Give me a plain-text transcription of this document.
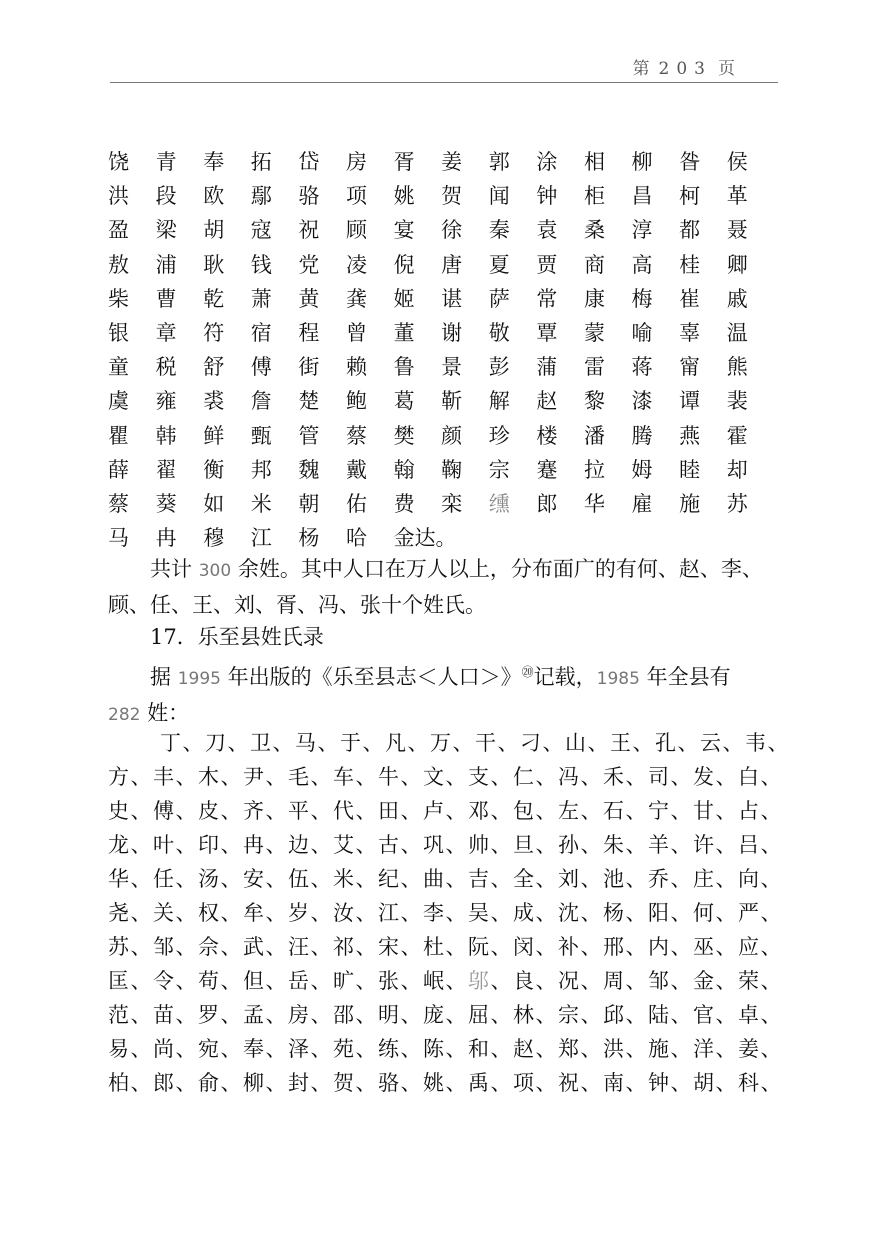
第 203 页
饶	青	奉	拓	岱	房	胥	姜	郭	涂	相	柳	昝	侯
洪	段	欧	鄢	骆	项	姚	贺	闻	钟	柜	昌	柯	革
盈	梁	胡	寇	祝	顾	宴	徐	秦	袁	桑	淳	都	聂
敖	浦	耿	钱	党	凌	倪	唐	夏	贾	商	高	桂	卿
柴	曹	乾	萧	黄	龚	姬	谌	萨	常	康	梅	崔	戚
银	章	符	宿	程	曾	董	谢	敬	覃	蒙	喻	辜	温
童	税	舒	傅	街	赖	鲁	景	彭	蒲	雷	蒋	甯	熊
虞	雍	裘	詹	楚	鲍	葛	靳	解	赵	黎	漆	谭	裴
瞿	韩	鲜	甄	管	蔡	樊	颜	珍	楼	潘	腾	燕	霍
薛	翟	衡	邦	魏	戴	翰	鞠	宗	蹇	拉	姆	睦	却
蔡	葵	如	米	朝	佑	费	栾	𫄸	郎	华	雇	施	苏
马	冉	穆	江	杨	哈	金达。
共计 300 余姓。其中人口在万人以上，分布面广的有何、赵、李、顾、任、王、刘、胥、冯、张十个姓氏。
17．乐至县姓氏录
据 1995 年出版的《乐至县志＜人口＞》⑳记载，1985 年全县有
282 姓：
丁、刀、卫、马、于、凡、万、干、刁、山、王、孔、云、韦、
方、丰、木、尹、毛、车、牛、文、支、仁、冯、禾、司、发、白、
史、傅、皮、齐、平、代、田、卢、邓、包、左、石、宁、甘、占、
龙、叶、印、冉、边、艾、古、巩、帅、旦、孙、朱、羊、许、吕、
华、任、汤、安、伍、米、纪、曲、吉、全、刘、池、乔、庄、向、
尧、关、权、牟、岁、汝、江、李、吴、成、沈、杨、阳、何、严、
苏、邹、佘、武、汪、祁、宋、杜、阮、闵、补、邢、内、巫、应、
匡、令、苟、但、岳、旷、张、岷、邬、良、况、周、邹、金、荣、
范、苗、罗、孟、房、邵、明、庞、屈、林、宗、邱、陆、官、卓、
易、尚、宛、奉、泽、苑、练、陈、和、赵、郑、洪、施、洋、姜、
柏、郎、俞、柳、封、贺、骆、姚、禹、项、祝、南、钟、胡、科、
